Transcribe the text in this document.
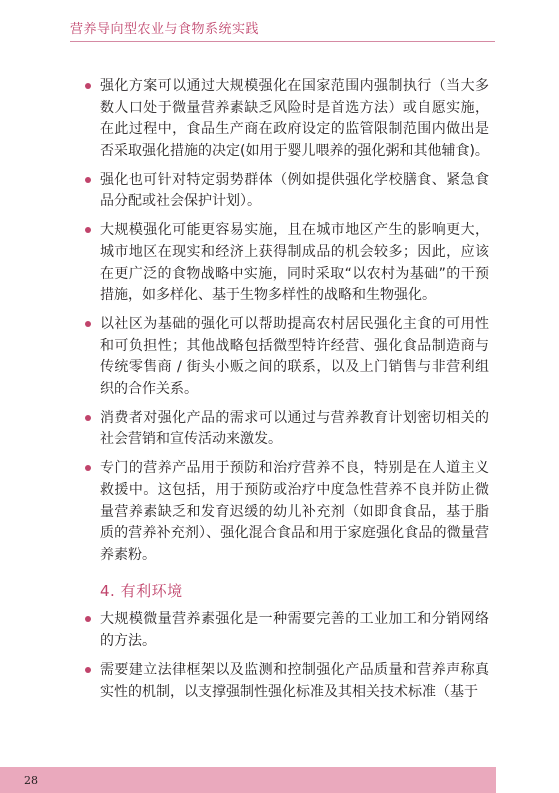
营养导向型农业与食物系统实践
强化方案可以通过大规模强化在国家范围内强制执行（当大多数人口处于微量营养素缺乏风险时是首选方法）或自愿实施，在此过程中，食品生产商在政府设定的监管限制范围内做出是否采取强化措施的决定(如用于婴儿喂养的强化粥和其他辅食)。
强化也可针对特定弱势群体（例如提供强化学校膳食、紧急食品分配或社会保护计划）。
大规模强化可能更容易实施，且在城市地区产生的影响更大，城市地区在现实和经济上获得制成品的机会较多；因此，应该在更广泛的食物战略中实施，同时采取“以农村为基础”的干预措施，如多样化、基于生物多样性的战略和生物强化。
以社区为基础的强化可以帮助提高农村居民强化主食的可用性和可负担性；其他战略包括微型特许经营、强化食品制造商与传统零售商 / 街头小贩之间的联系，以及上门销售与非营利组织的合作关系。
消费者对强化产品的需求可以通过与营养教育计划密切相关的社会营销和宣传活动来激发。
专门的营养产品用于预防和治疗营养不良，特别是在人道主义救援中。这包括，用于预防或治疗中度急性营养不良并防止微量营养素缺乏和发育迟缓的幼儿补充剂（如即食食品，基于脂质的营养补充剂）、强化混合食品和用于家庭强化食品的微量营养素粉。
4. 有利环境
大规模微量营养素强化是一种需要完善的工业加工和分销网络的方法。
需要建立法律框架以及监测和控制强化产品质量和营养声称真实性的机制，以支撑强制性强化标准及其相关技术标准（基于
28
